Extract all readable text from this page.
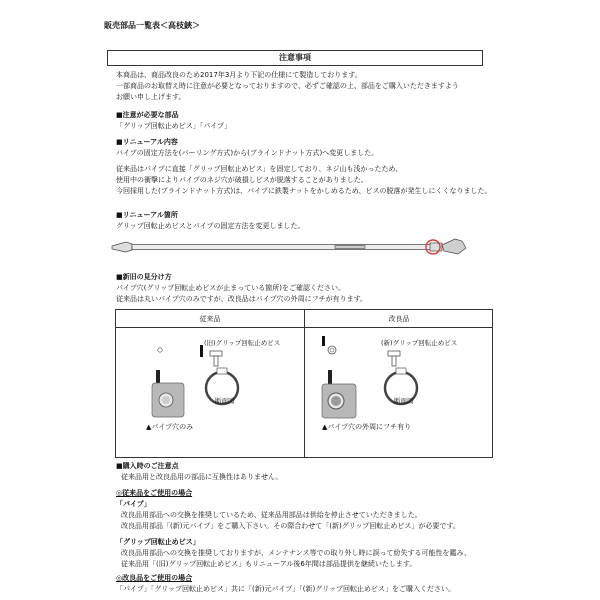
販売部品一覧表＜高枝鋏＞
注意事項
本商品は、商品改良のため2017年3月より下記の仕様にて製造しております。
一部商品のお取替え時に注意が必要となっておりますので、必ずご確認の上、部品をご購入いただきますよう
お願い申し上げます。
■注意が必要な部品
「グリップ回転止めビス」「パイプ」
■リニューアル内容
パイプの固定方法を(バーリング方式)から(ブラインドナット方式)へ変更しました。
従来品はパイプに直接「グリップ回転止めビス」を固定しており、ネジ山も浅かったため、
使用中の衝撃によりパイプのネジ穴が破損しビスが脱落することがありました。
今回採用した(ブラインドナット方式)は、パイプに鉄製ナットをかしめるため、ビスの脱落が発生しにくくなりました。
■リニューアル箇所
グリップ回転止めビスとパイプの固定方法を変更しました。
■新旧の見分け方
パイプ穴(グリップ回転止めビスが止まっている箇所)をご確認ください。
従来品は丸いパイプ穴のみですが、改良品はパイプ穴の外周にフチが有ります。
従来品	改良品
(旧)グリップ回転止めビス
断面図
▲パイプ穴のみ
(新)グリップ回転止めビス
断面図
▲パイプ穴の外周にフチ有り
■購入時のご注意点
従来品用と改良品用の部品に互換性はありません。
◎従来品をご使用の場合
「パイプ」
改良品用部品への交換を推奨しているため、従来品用部品は供給を停止させていただきました。
改良品用部品「(新)元パイプ」をご購入下さい。その際合わせて「(新)グリップ回転止めビス」が必要です。
「グリップ回転止めビス」
改良品用部品への交換を推奨しておりますが、メンテナンス等での取り外し時に誤って紛失する可能性を鑑み、
従来品用「(旧)グリップ回転止めビス」もリニューアル後6年間は部品提供を継続いたします。
◎改良品をご使用の場合
「パイプ」「グリップ回転止めビス」共に「(新)元パイプ」「(新)グリップ回転止めビス」をご購入ください。
